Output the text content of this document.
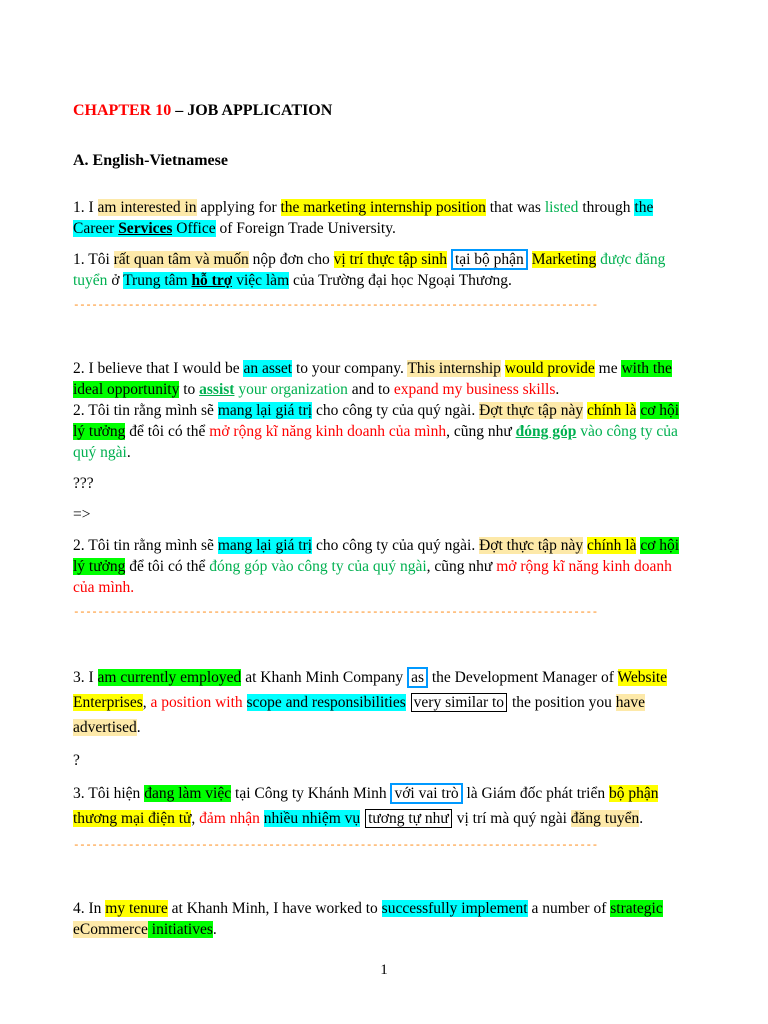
CHAPTER 10 – JOB APPLICATION
A. English-Vietnamese

1. I am interested in applying for the marketing internship position that was listed through the Career Services Office of Foreign Trade University.

1. Tôi rất quan tâm và muốn nộp đơn cho vị trí thực tập sinh tại bộ phận Marketing được đăng tuyển ở Trung tâm hỗ trợ việc làm của Trường đại học Ngoại Thương.

--------------------------------------------------------------------------------------

2. I believe that I would be an asset to your company. This internship would provide me with the ideal opportunity to assist your organization and to expand my business skills.

2. Tôi tin rằng mình sẽ mang lại giá trị cho công ty của quý ngài. Đợt thực tập này chính là cơ hội lý tưởng để tôi có thể mở rộng kĩ năng kinh doanh của mình, cũng như đóng góp vào công ty của quý ngài.

???

=>

2. Tôi tin rằng mình sẽ mang lại giá trị cho công ty của quý ngài. Đợt thực tập này chính là cơ hội lý tưởng để tôi có thể đóng góp vào công ty của quý ngài, cũng như mở rộng kĩ năng kinh doanh của mình.

--------------------------------------------------------------------------------------

3. I am currently employed at Khanh Minh Company as the Development Manager of Website Enterprises, a position with scope and responsibilities very similar to the position you have advertised.

?

3. Tôi hiện đang làm việc tại Công ty Khánh Minh với vai trò là Giám đốc phát triển bộ phận thương mại điện tử, đảm nhận nhiều nhiệm vụ tương tự như vị trí mà quý ngài đăng tuyển.

--------------------------------------------------------------------------------------

4. In my tenure at Khanh Minh, I have worked to successfully implement a number of strategic eCommerce initiatives.

1
